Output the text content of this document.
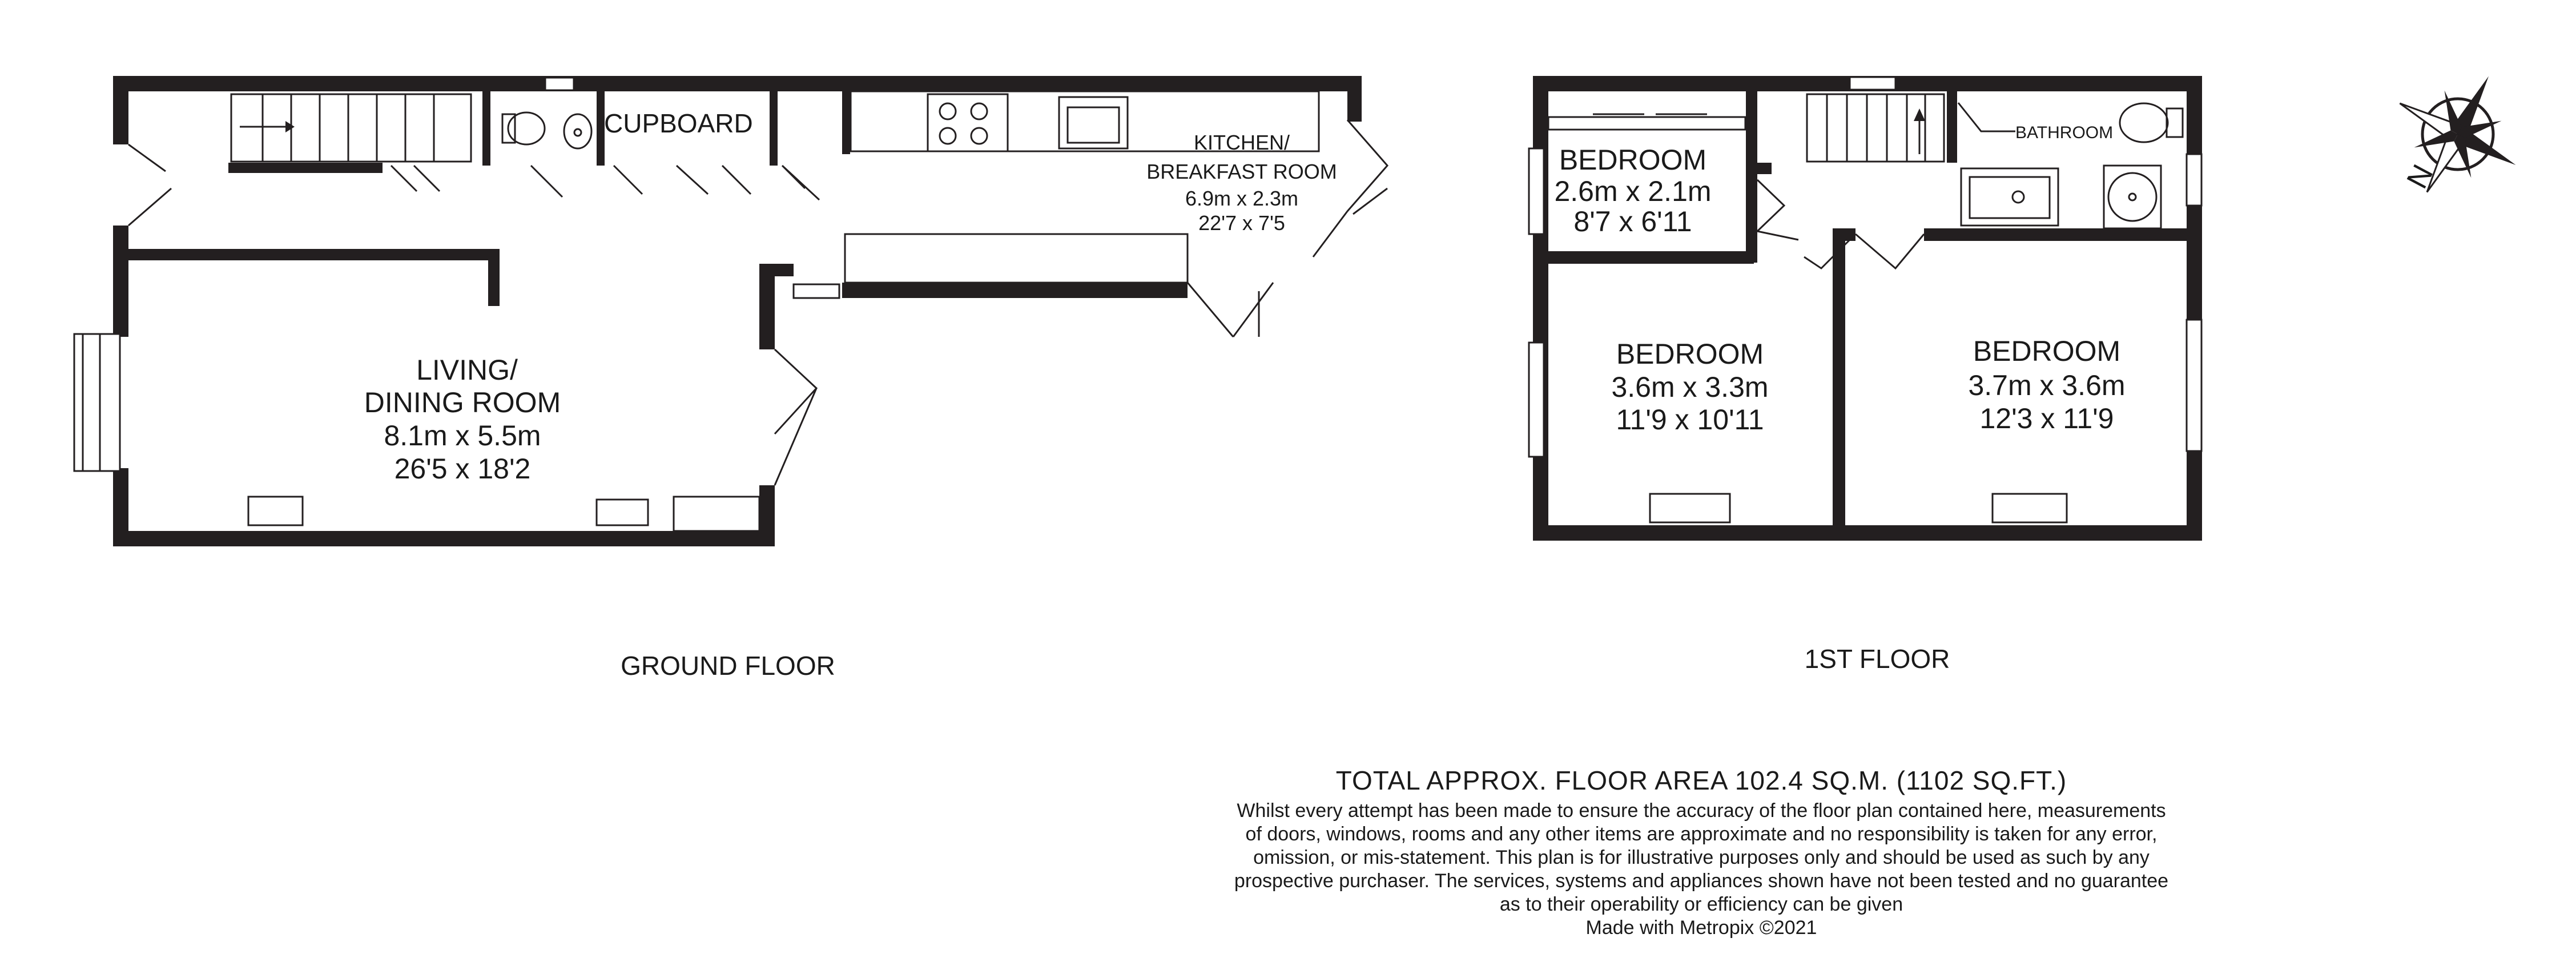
LIVING/
DINING ROOM
8.1m x 5.5m
26'5 x 18'2
CUPBOARD
KITCHEN/
BREAKFAST ROOM
6.9m x 2.3m
22'7 x 7'5
GROUND FLOOR
BEDROOM
2.6m x 2.1m
8'7 x 6'11
BEDROOM
3.6m x 3.3m
11'9 x 10'11
BEDROOM
3.7m x 3.6m
12'3 x 11'9
BATHROOM
1ST FLOOR
N
TOTAL APPROX. FLOOR AREA 102.4 SQ.M. (1102 SQ.FT.)
Whilst every attempt has been made to ensure the accuracy of the floor plan contained here, measurements
of doors, windows, rooms and any other items are approximate and no responsibility is taken for any error,
omission, or mis-statement. This plan is for illustrative purposes only and should be used as such by any
prospective purchaser. The services, systems and appliances shown have not been tested and no guarantee
as to their operability or efficiency can be given
Made with Metropix ©2021
